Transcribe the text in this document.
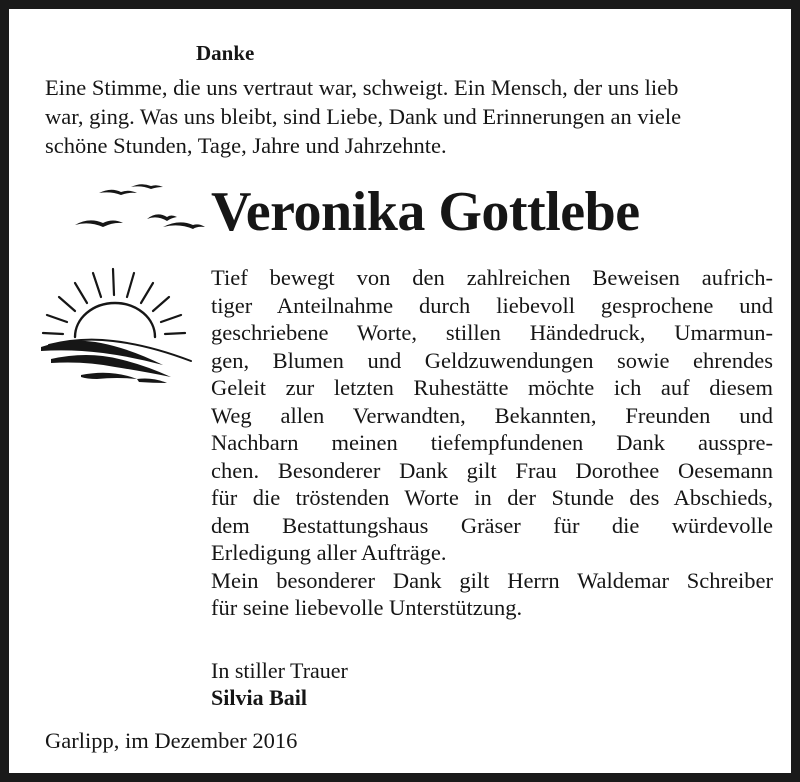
Danke
Eine Stimme, die uns vertraut war, schweigt. Ein Mensch, der uns lieb
war, ging. Was uns bleibt, sind Liebe, Dank und Erinnerungen an viele
schöne Stunden, Tage, Jahre und Jahrzehnte.
Veronika Gottlebe
Tief bewegt von den zahlreichen Beweisen aufrich-
tiger Anteilnahme durch liebevoll gesprochene und
geschriebene Worte, stillen Händedruck, Umarmun-
gen, Blumen und Geldzuwendungen sowie ehrendes
Geleit zur letzten Ruhestätte möchte ich auf diesem
Weg allen Verwandten, Bekannten, Freunden und
Nachbarn meinen tiefempfundenen Dank ausspre-
chen. Besonderer Dank gilt Frau Dorothee Oesemann
für die tröstenden Worte in der Stunde des Abschieds,
dem Bestattungshaus Gräser für die würdevolle
Erledigung aller Aufträge.
Mein besonderer Dank gilt Herrn Waldemar Schreiber
für seine liebevolle Unterstützung.
In stiller Trauer
Silvia Bail
Garlipp, im Dezember 2016
